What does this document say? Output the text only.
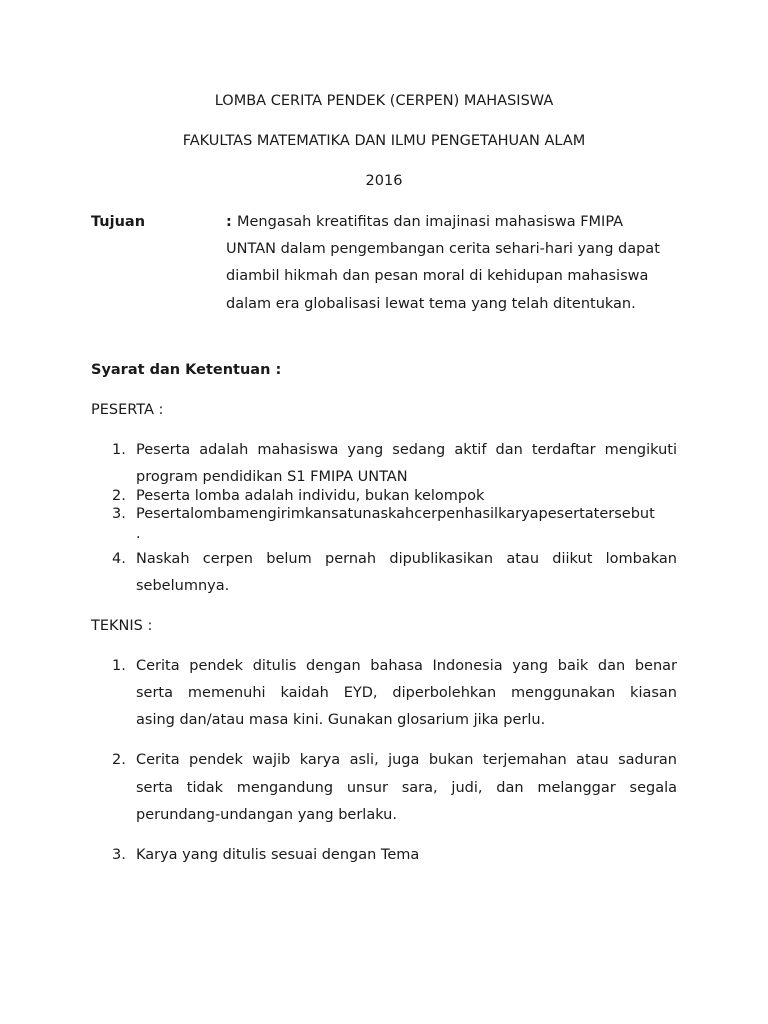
LOMBA CERITA PENDEK (CERPEN) MAHASISWA
FAKULTAS MATEMATIKA DAN ILMU PENGETAHUAN ALAM
2016
Tujuan	: Mengasah kreatifitas dan imajinasi mahasiswa FMIPA
UNTAN dalam pengembangan cerita sehari-hari yang dapat
diambil hikmah dan pesan moral di kehidupan mahasiswa
dalam era globalisasi lewat tema yang telah ditentukan.
Syarat dan Ketentuan :
PESERTA :
1. Peserta adalah mahasiswa yang sedang aktif dan terdaftar mengikuti
program pendidikan S1 FMIPA UNTAN
2. Peserta lomba adalah individu, bukan kelompok
3. Pesertalombamengirimkansatunaskahcerpenhasilkaryapesertatersebut
.
4. Naskah cerpen belum pernah dipublikasikan atau diikut lombakan
sebelumnya.
TEKNIS :
1. Cerita pendek ditulis dengan bahasa Indonesia yang baik dan benar
serta memenuhi kaidah EYD, diperbolehkan menggunakan kiasan
asing dan/atau masa kini. Gunakan glosarium jika perlu.
2. Cerita pendek wajib karya asli, juga bukan terjemahan atau saduran
serta tidak mengandung unsur sara, judi, dan melanggar segala
perundang-undangan yang berlaku.
3. Karya yang ditulis sesuai dengan Tema
